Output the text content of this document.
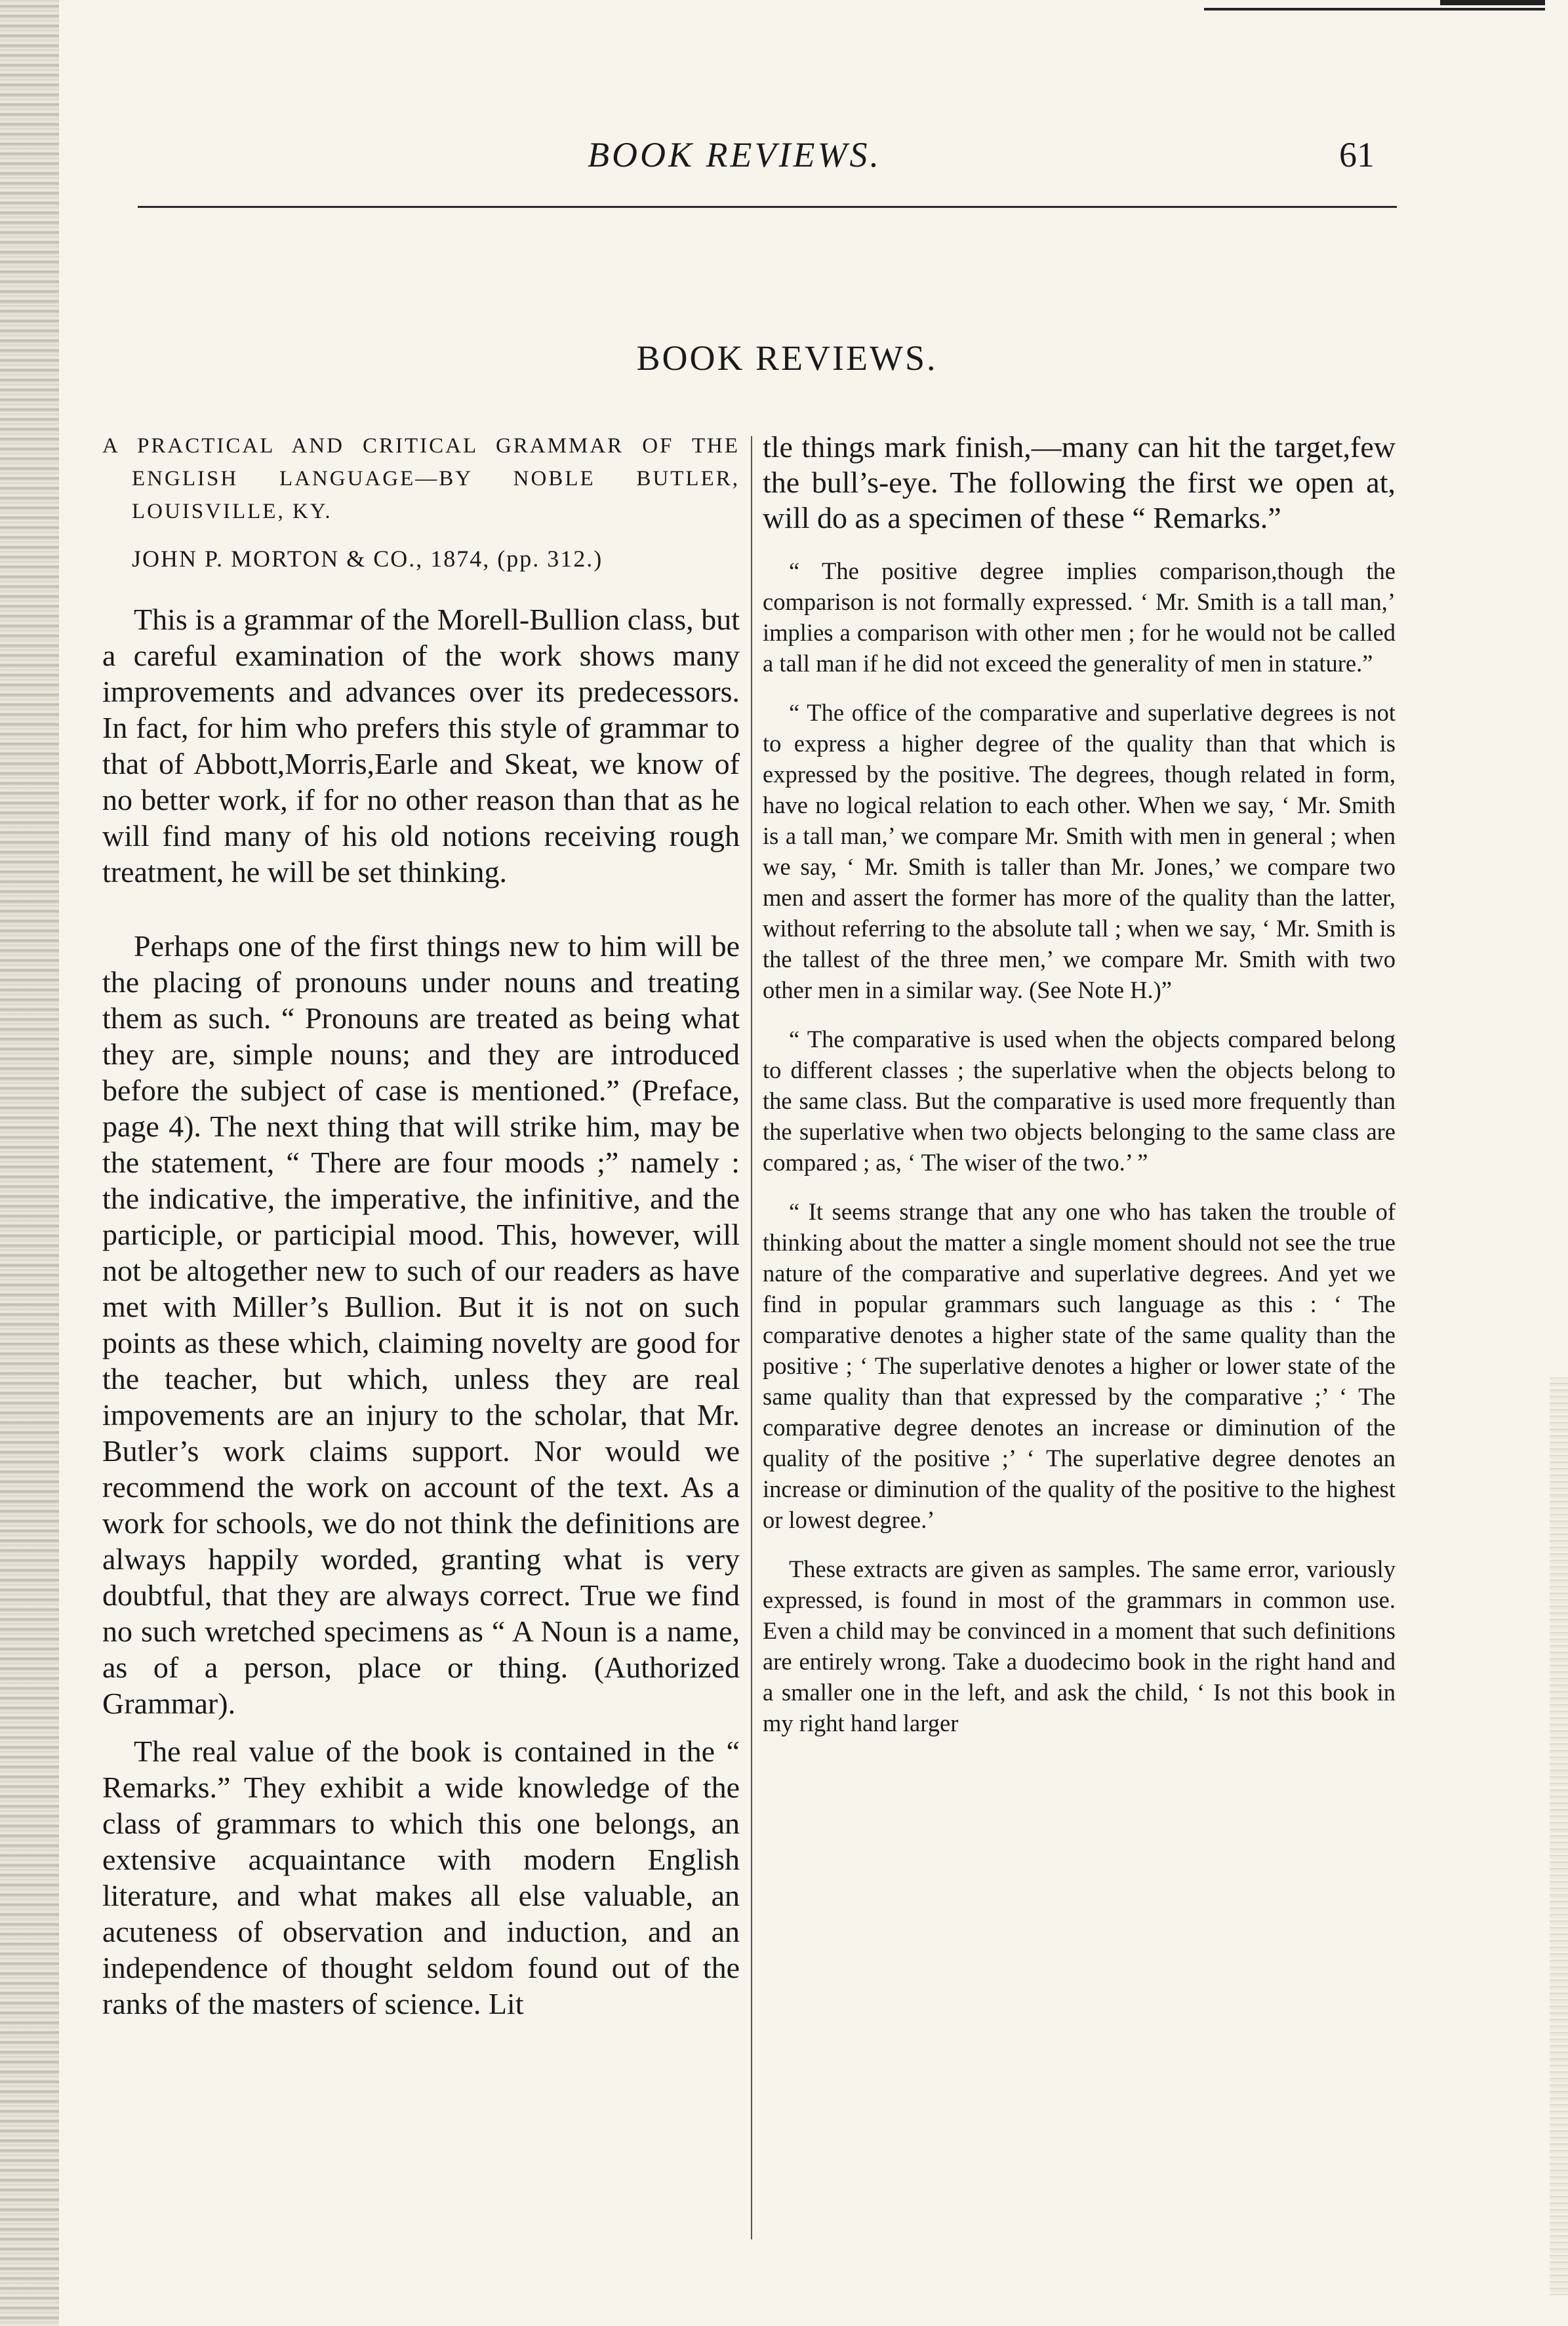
BOOK REVIEWS.	61
BOOK REVIEWS.
A PRACTICAL AND CRITICAL GRAMMAR OF THE ENGLISH LANGUAGE—BY NOBLE BUTLER, LOUISVILLE, KY.
JOHN P. MORTON & CO., 1874, (pp. 312.)

This is a grammar of the Morell-Bullion class, but a careful examination of the work shows many improvements and advances over its predecessors. In fact, for him who prefers this style of grammar to that of Abbott,Morris,Earle and Skeat, we know of no better work, if for no other reason than that as he will find many of his old notions receiving rough treatment, he will be set thinking.

Perhaps one of the first things new to him will be the placing of pronouns under nouns and treating them as such. “ Pronouns are treated as being what they are, simple nouns; and they are introduced before the subject of case is mentioned.” (Preface, page 4). The next thing that will strike him, may be the statement, “ There are four moods ;” namely : the indicative, the imperative, the infinitive, and the participle, or participial mood. This, however, will not be altogether new to such of our readers as have met with Miller’s Bullion. But it is not on such points as these which, claiming novelty are good for the teacher, but which, unless they are real impovements are an injury to the scholar, that Mr. Butler’s work claims support. Nor would we recommend the work on account of the text. As a work for schools, we do not think the definitions are always happily worded, granting what is very doubtful, that they are always correct. True we find no such wretched specimens as “ A Noun is a name, as of a person, place or thing. (Authorized Grammar).

The real value of the book is contained in the “ Remarks.” They exhibit a wide knowledge of the class of grammars to which this one belongs, an extensive acquaintance with modern English literature, and what makes all else valuable, an acuteness of observation and induction, and an independence of thought seldom found out of the ranks of the masters of science. Lit

tle things mark finish,—many can hit the target,few the bull’s-eye. The following the first we open at, will do as a specimen of these “ Remarks.”

“ The positive degree implies comparison,though the comparison is not formally expressed. ‘ Mr. Smith is a tall man,’ implies a comparison with other men ; for he would not be called a tall man if he did not exceed the generality of men in stature.”

“ The office of the comparative and superlative degrees is not to express a higher degree of the quality than that which is expressed by the positive. The degrees, though related in form, have no logical relation to each other. When we say, ‘ Mr. Smith is a tall man,’ we compare Mr. Smith with men in general ; when we say, ‘ Mr. Smith is taller than Mr. Jones,’ we compare two men and assert the former has more of the quality than the latter, without referring to the absolute tall ; when we say, ‘ Mr. Smith is the tallest of the three men,’ we compare Mr. Smith with two other men in a similar way. (See Note H.)”

“ The comparative is used when the objects compared belong to different classes ; the superlative when the objects belong to the same class. But the comparative is used more frequently than the superlative when two objects belonging to the same class are compared ; as, ‘ The wiser of the two.’ ”

“ It seems strange that any one who has taken the trouble of thinking about the matter a single moment should not see the true nature of the comparative and superlative degrees. And yet we find in popular grammars such language as this : ‘ The comparative denotes a higher state of the same quality than the positive ; ‘ The superlative denotes a higher or lower state of the same quality than that expressed by the comparative ;’ ‘ The comparative degree denotes an increase or diminution of the quality of the positive ;’ ‘ The superlative degree denotes an increase or diminution of the quality of the positive to the highest or lowest degree.’

These extracts are given as samples. The same error, variously expressed, is found in most of the grammars in common use. Even a child may be convinced in a moment that such definitions are entirely wrong. Take a duodecimo book in the right hand and a smaller one in the left, and ask the child, ‘ Is not this book in my right hand larger
